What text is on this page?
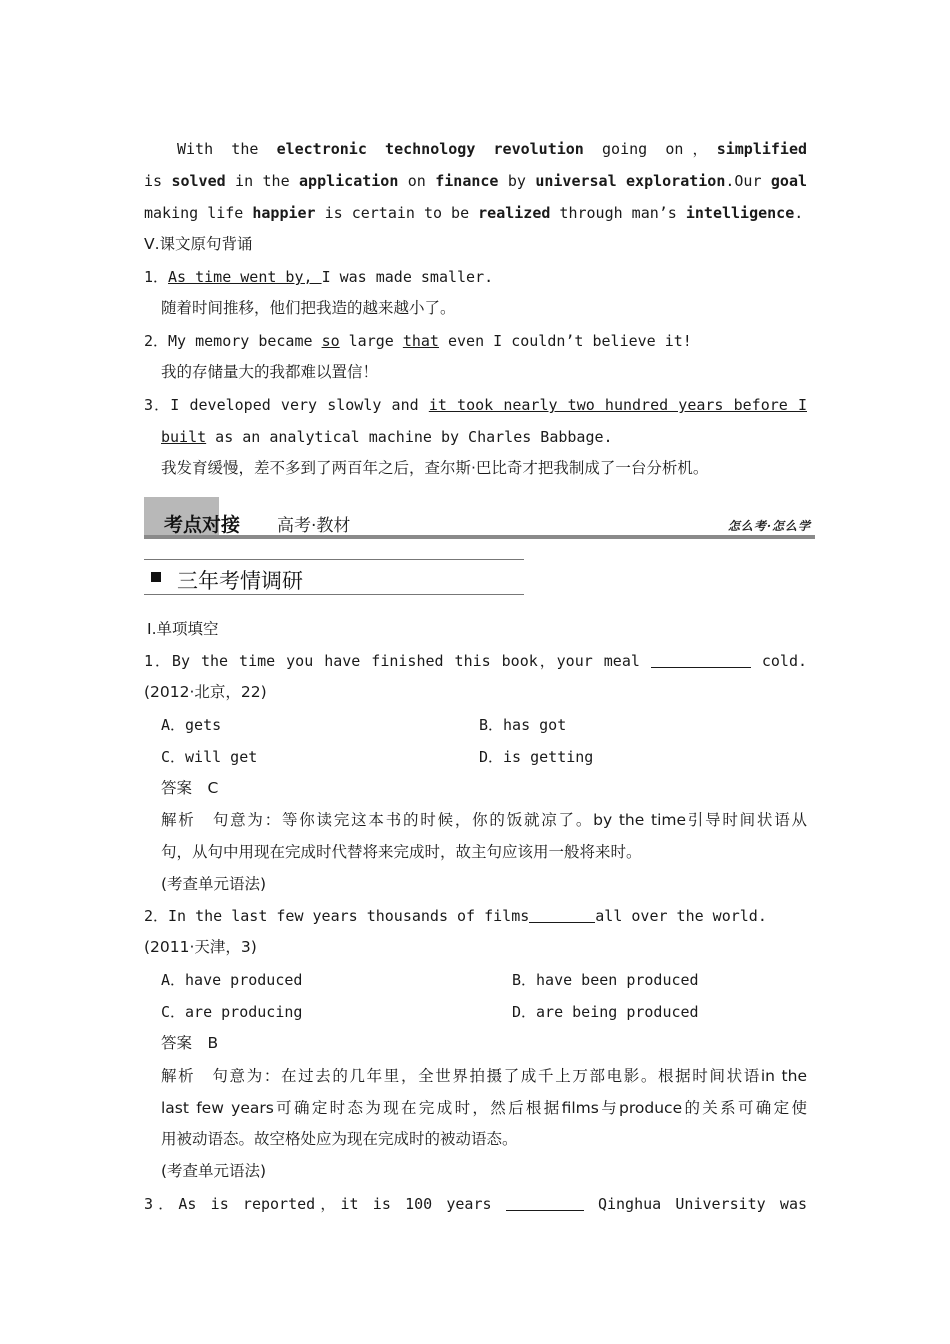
With the electronic technology revolution going on，simplified
is solved in the application on finance by universal exploration.Our goal
making life happier is certain to be realized through man’s intelligence.
Ⅴ.课文原句背诵
1．As time went by, I was made smaller.
随着时间推移，他们把我造的越来越小了。
2．My memory became so large that even I couldn’t believe it!
我的存储量大的我都难以置信！
3．I developed very slowly and it took nearly two hundred years before I
built as an analytical machine by Charles Babbage.
我发育缓慢，差不多到了两百年之后，查尔斯·巴比奇才把我制成了一台分析机。
考点对接 高考·教材	怎么考·怎么学
三年考情调研
Ⅰ.单项填空
1．By the time you have finished this book，your meal	cold.
(2012·北京，22)
A．gets	B．has got
C．will get	D．is getting
答案　C
解析　句意为：等你读完这本书的时候，你的饭就凉了。by the time引导时间状语从
句，从句中用现在完成时代替将来完成时，故主句应该用一般将来时。
(考查单元语法)
2．In the last few years thousands of films	all over the world.
(2011·天津，3)
A．have produced	B．have been produced
C．are producing	D．are being produced
答案　B
解析　句意为：在过去的几年里，全世界拍摄了成千上万部电影。根据时间状语in the
last few years可确定时态为现在完成时，然后根据films与produce的关系可确定使
用被动语态。故空格处应为现在完成时的被动语态。
(考查单元语法)
3．As is reported，it is 100 years	Qinghua University was
